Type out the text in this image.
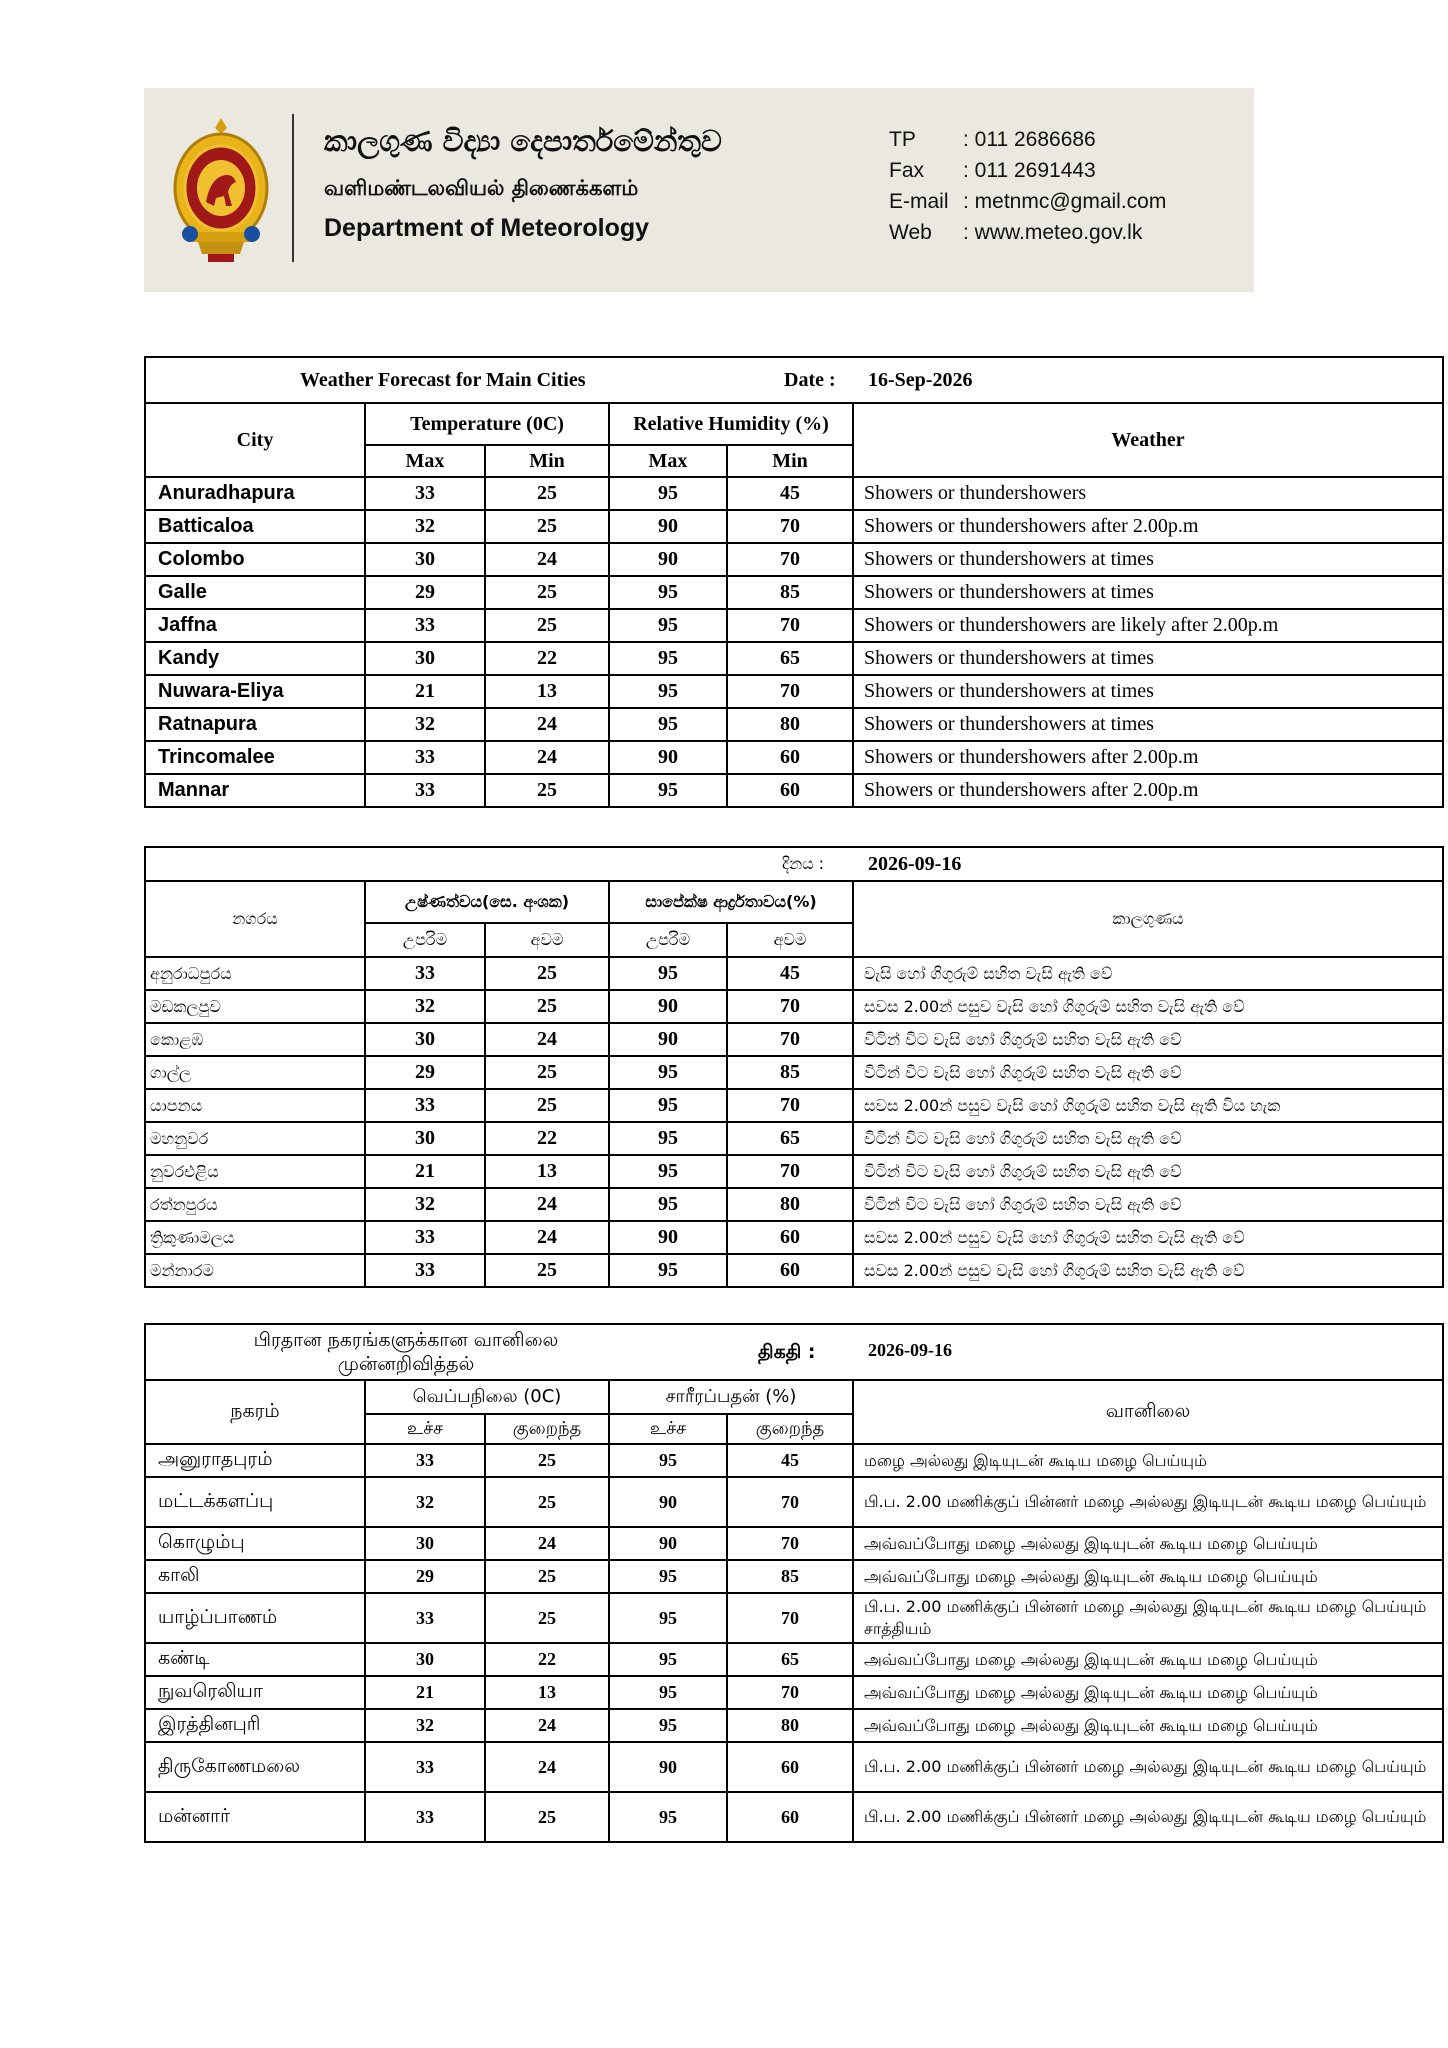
කාලගුණ විද්‍යා දෙපාර්තමේන්තුව
வளிமண்டலவியல் திணைக்களம்
Department of Meteorology
TP : 011 2686686
Fax : 011 2691443
E-mail : metnmc@gmail.com
Web : www.meteo.gov.lk
Weather Forecast for Main Cities Date : 16-Sep-2026					

City	Temperature (0C)		Relative Humidity (%)		Weather
	Max	Min	Max	Min	
Anuradhapura	33	25	95	45	Showers or thundershowers
Batticaloa	32	25	90	70	Showers or thundershowers after 2.00p.m
Colombo	30	24	90	70	Showers or thundershowers at times
Galle	29	25	95	85	Showers or thundershowers at times
Jaffna	33	25	95	70	Showers or thundershowers are likely after 2.00p.m
Kandy	30	22	95	65	Showers or thundershowers at times
Nuwara-Eliya	21	13	95	70	Showers or thundershowers at times
Ratnapura	32	24	95	80	Showers or thundershowers at times
Trincomalee	33	24	90	60	Showers or thundershowers after 2.00p.m
Mannar	33	25	95	60	Showers or thundershowers after 2.00p.m
දිනය : 2026-09-16					

නගරය	උෂ්ණත්වය(සෙ. අංශක)		සාපේක්ෂ ආර්ද්‍රතාවය(%)		කාලගුණය
	උපරිම	අවම	උපරිම	අවම	
අනුරාධපුරය	33	25	95	45	වැසි හෝ ගිගුරුම් සහිත වැසි ඇති වේ
මඩකලපුව	32	25	90	70	සවස 2.00න් පසුව වැසි හෝ ගිගුරුම් සහිත වැසි ඇති වේ
කොළඹ	30	24	90	70	විටින් විට වැසි හෝ ගිගුරුම් සහිත වැසි ඇති වේ
ගාල්ල	29	25	95	85	විටින් විට වැසි හෝ ගිගුරුම් සහිත වැසි ඇති වේ
යාපනය	33	25	95	70	සවස 2.00න් පසුව වැසි හෝ ගිගුරුම් සහිත වැසි ඇති විය හැක
මහනුවර	30	22	95	65	විටින් විට වැසි හෝ ගිගුරුම් සහිත වැසි ඇති වේ
නුවරඑළිය	21	13	95	70	විටින් විට වැසි හෝ ගිගුරුම් සහිත වැසි ඇති වේ
රත්නපුරය	32	24	95	80	විටින් විට වැසි හෝ ගිගුරුම් සහිත වැසි ඇති වේ
ත්‍රිකුණාමලය	33	24	90	60	සවස 2.00න් පසුව වැසි හෝ ගිගුරුම් සහිත වැසි ඇති වේ
මන්නාරම	33	25	95	60	සවස 2.00න් පසුව වැසි හෝ ගිගුරුම් සහිත වැසි ඇති වේ
பிரதான நகரங்களுக்கான வானிலை
முன்னறிவித்தல்
திகதி : 2026-09-16					

நகரம்	வெப்பநிலை (0C)		சாரீரப்பதன் (%)		வானிலை
	உச்ச	குறைந்த	உச்ச	குறைந்த	
அனுராதபுரம்	33	25	95	45	மழை அல்லது இடியுடன் கூடிய மழை பெய்யும்
மட்டக்களப்பு	32	25	90	70	பி.ப. 2.00 மணிக்குப் பின்னர் மழை அல்லது இடியுடன் கூடிய மழை பெய்யும்
கொழும்பு	30	24	90	70	அவ்வப்போது மழை அல்லது இடியுடன் கூடிய மழை பெய்யும்
காலி	29	25	95	85	அவ்வப்போது மழை அல்லது இடியுடன் கூடிய மழை பெய்யும்
யாழ்ப்பாணம்	33	25	95	70	பி.ப. 2.00 மணிக்குப் பின்னர் மழை அல்லது இடியுடன் கூடிய மழை பெய்யும் சாத்தியம்
கண்டி	30	22	95	65	அவ்வப்போது மழை அல்லது இடியுடன் கூடிய மழை பெய்யும்
நுவரெலியா	21	13	95	70	அவ்வப்போது மழை அல்லது இடியுடன் கூடிய மழை பெய்யும்
இரத்தினபுரி	32	24	95	80	அவ்வப்போது மழை அல்லது இடியுடன் கூடிய மழை பெய்யும்
திருகோணமலை	33	24	90	60	பி.ப. 2.00 மணிக்குப் பின்னர் மழை அல்லது இடியுடன் கூடிய மழை பெய்யும்
மன்னார்	33	25	95	60	பி.ப. 2.00 மணிக்குப் பின்னர் மழை அல்லது இடியுடன் கூடிய மழை பெய்யும்
